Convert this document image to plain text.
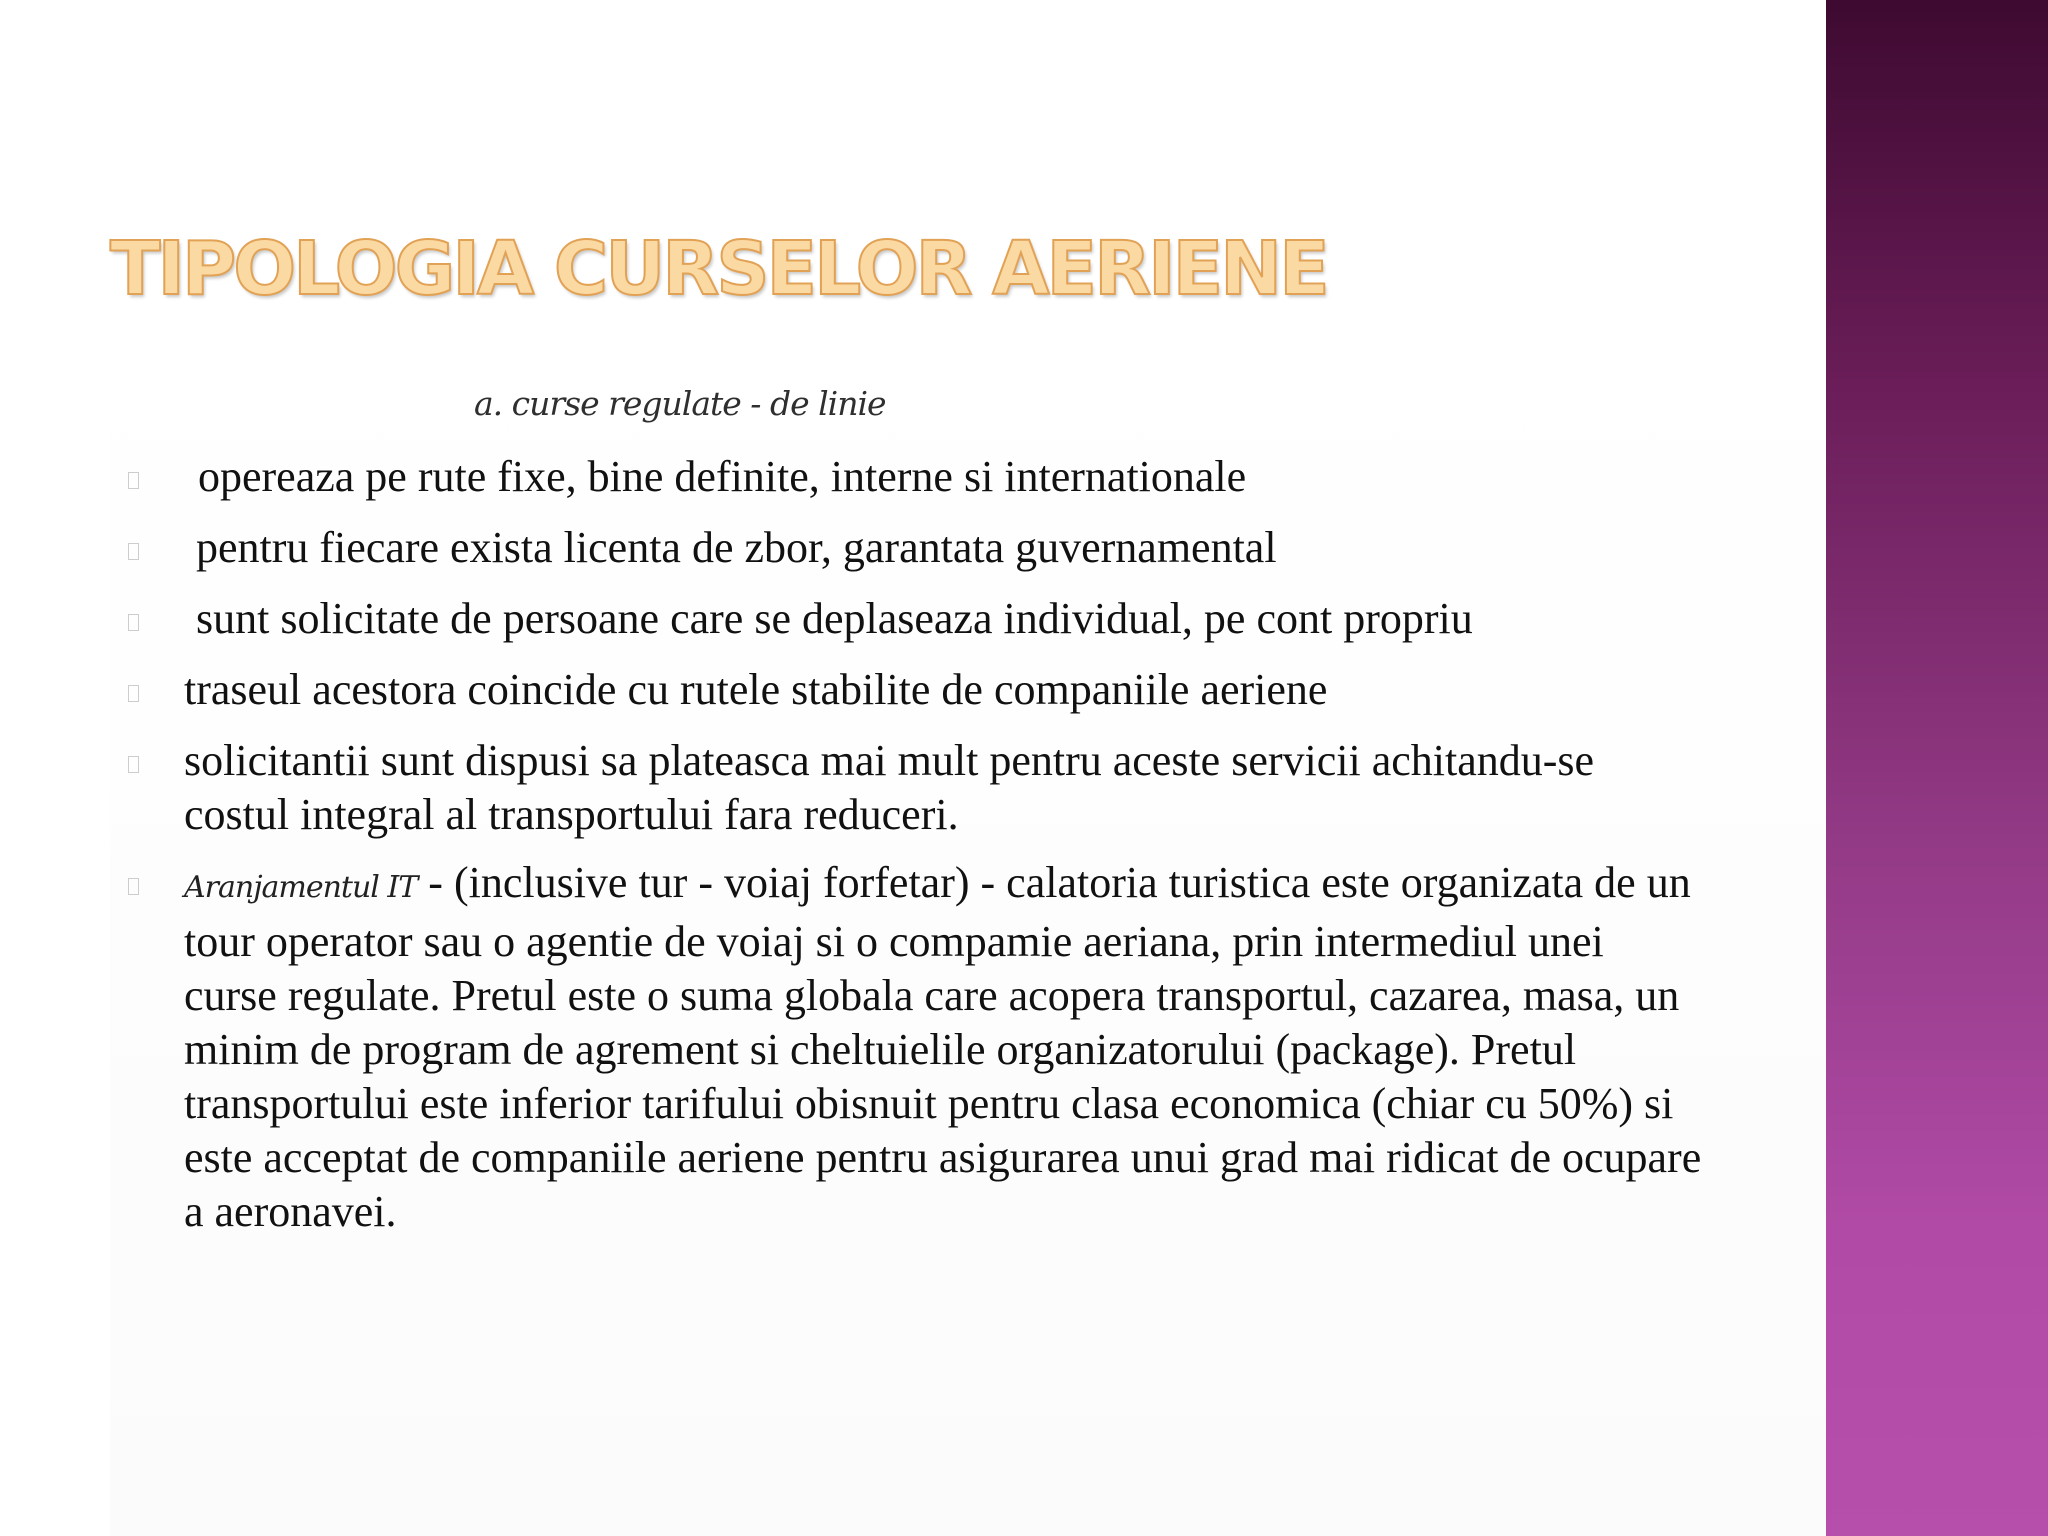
TIPOLOGIA CURSELOR AERIENE
a. curse regulate - de linie
opereaza pe rute fixe, bine definite, interne si internationale
pentru fiecare exista licenta de zbor, garantata guvernamental
sunt solicitate de persoane care se deplaseaza individual, pe cont propriu
traseul acestora coincide cu rutele stabilite de companiile aeriene
solicitantii sunt dispusi sa plateasca mai mult pentru aceste servicii achitandu-se costul integral al transportului fara reduceri.
Aranjamentul IT - (inclusive tur - voiaj forfetar) - calatoria turistica este organizata de un tour operator sau o agentie de voiaj si o compamie aeriana, prin intermediul unei curse regulate. Pretul este o suma globala care acopera transportul, cazarea, masa, un minim de program de agrement si cheltuielile organizatorului (package). Pretul transportului este inferior tarifului obisnuit pentru clasa economica (chiar cu 50%) si este acceptat de companiile aeriene pentru asigurarea unui grad mai ridicat de ocupare a aeronavei.
